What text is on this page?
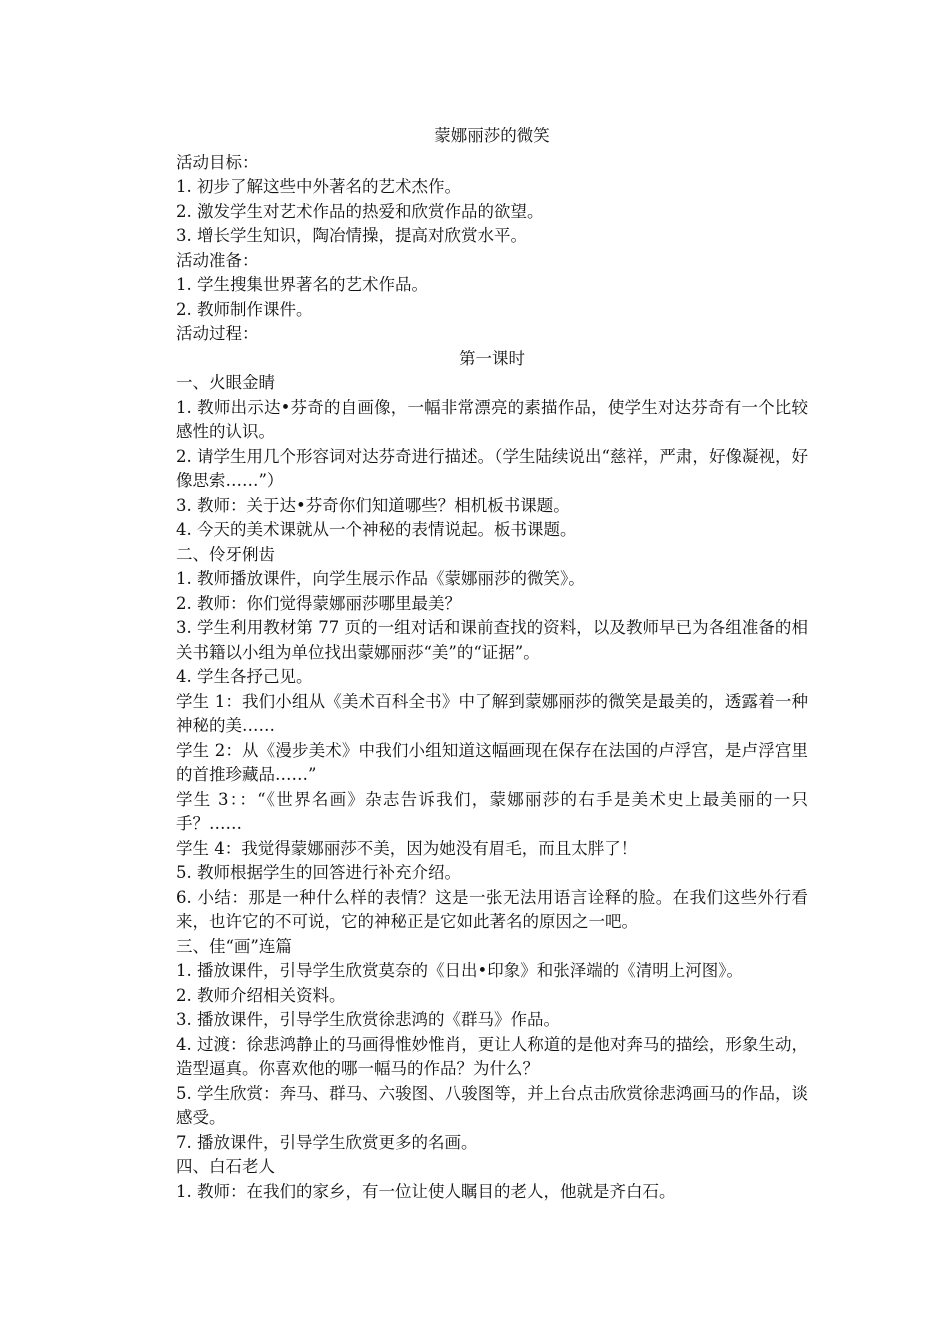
蒙娜丽莎的微笑

活动目标：

1. 初步了解这些中外著名的艺术杰作。

2. 激发学生对艺术作品的热爱和欣赏作品的欲望。

3. 增长学生知识，陶冶情操，提高对欣赏水平。

活动准备：

1. 学生搜集世界著名的艺术作品。

2. 教师制作课件。

活动过程：

第一课时

一、火眼金睛

1. 教师出示达•芬奇的自画像，一幅非常漂亮的素描作品，使学生对达芬奇有一个比较感性的认识。

2. 请学生用几个形容词对达芬奇进行描述。（学生陆续说出“慈祥，严肃，好像凝视，好像思索……”）

3. 教师：关于达•芬奇你们知道哪些？相机板书课题。

4. 今天的美术课就从一个神秘的表情说起。板书课题。

二、伶牙俐齿

1. 教师播放课件，向学生展示作品《蒙娜丽莎的微笑》。

2. 教师：你们觉得蒙娜丽莎哪里最美？

3. 学生利用教材第 77 页的一组对话和课前查找的资料，以及教师早已为各组准备的相关书籍以小组为单位找出蒙娜丽莎“美”的“证据”。

4. 学生各抒己见。

学生 1：我们小组从《美术百科全书》中了解到蒙娜丽莎的微笑是最美的，透露着一种神秘的美……

学生 2：从《漫步美术》中我们小组知道这幅画现在保存在法国的卢浮宫，是卢浮宫里的首推珍藏品……”

学生 3：：“《世界名画》杂志告诉我们，蒙娜丽莎的右手是美术史上最美丽的一只手？……

学生 4：我觉得蒙娜丽莎不美，因为她没有眉毛，而且太胖了！

5. 教师根据学生的回答进行补充介绍。

6. 小结：那是一种什么样的表情？这是一张无法用语言诠释的脸。在我们这些外行看来，也许它的不可说，它的神秘正是它如此著名的原因之一吧。

三、佳“画”连篇

1. 播放课件，引导学生欣赏莫奈的《日出•印象》和张泽端的《清明上河图》。

2. 教师介绍相关资料。

3. 播放课件，引导学生欣赏徐悲鸿的《群马》作品。

4. 过渡：徐悲鸿静止的马画得惟妙惟肖，更让人称道的是他对奔马的描绘，形象生动，造型逼真。你喜欢他的哪一幅马的作品？为什么？

5. 学生欣赏：奔马、群马、六骏图、八骏图等，并上台点击欣赏徐悲鸿画马的作品，谈感受。

7. 播放课件，引导学生欣赏更多的名画。

四、白石老人

1. 教师：在我们的家乡，有一位让使人瞩目的老人，他就是齐白石。
